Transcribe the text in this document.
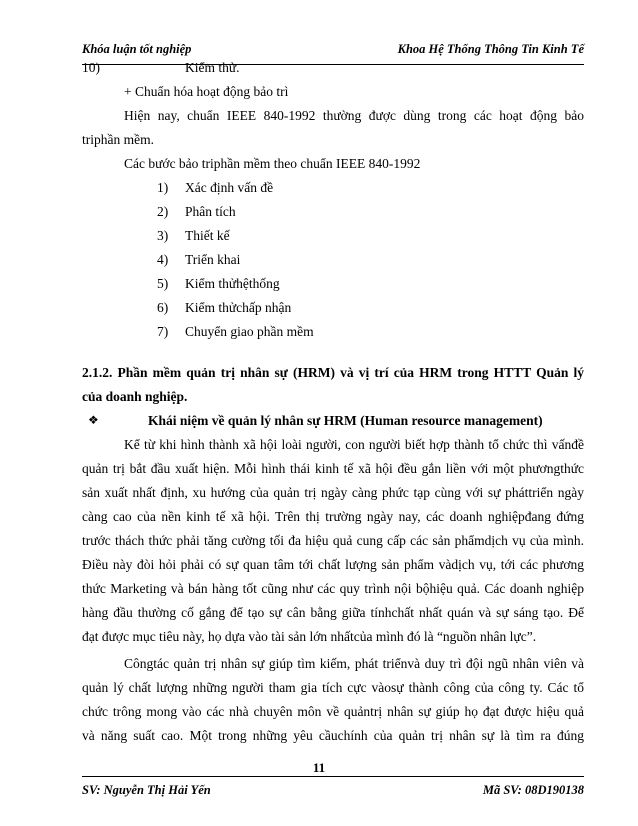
Khóa luận tốt nghiệp	Khoa Hệ Thống Thông Tin Kinh Tế
10)	Kiểm thử.
+ Chuẩn hóa hoạt động bảo trì
Hiện nay, chuẩn IEEE 840-1992 thường được dùng trong các hoạt động bảo
triphần mềm.
Các bước bảo triphần mềm theo chuẩn IEEE 840-1992
1) Xác định vấn đề
2) Phân tích
3) Thiết kế
4) Triển khai
5) Kiểm thửhệthống
6) Kiểm thửchấp nhận
7) Chuyển giao phần mềm
2.1.2. Phần mềm quản trị nhân sự (HRM) và vị trí của HRM trong HTTT Quản lý
của doanh nghiệp.
❖	Khái niệm về quản lý nhân sự HRM (Human resource management)
Kể từ khi hình thành xã hội loài người, con người biết hợp thành tổ chức thì vấnđề
quản trị bắt đầu xuất hiện. Mỗi hình thái kinh tế xã hội đều gắn liền với một phươngthức
sản xuất nhất định, xu hướng của quản trị ngày càng phức tạp cùng với sự pháttriển ngày
càng cao của nền kinh tế xã hội. Trên thị trường ngày nay, các doanh nghiệpđang đứng
trước thách thức phải tăng cường tối đa hiệu quả cung cấp các sản phẩmdịch vụ của mình.
Điều này đòi hỏi phải có sự quan tâm tới chất lượng sản phẩm vàdịch vụ, tới các phương
thức Marketing và bán hàng tốt cũng như các quy trình nội bộhiệu quả. Các doanh nghiệp
hàng đầu thường cố gắng để tạo sự cân bằng giữa tínhchất nhất quán và sự sáng tạo. Để
đạt được mục tiêu này, họ dựa vào tài sản lớn nhấtcủa mình đó là “nguồn nhân lực”.
Côngtác quản trị nhân sự giúp tìm kiếm, phát triểnvà duy trì đội ngũ nhân viên và
quản lý chất lượng những người tham gia tích cực vàosự thành công của công ty. Các tổ
chức trông mong vào các nhà chuyên môn về quảntrị nhân sự giúp họ đạt được hiệu quả
và năng suất cao. Một trong những yêu cầuchính của quản trị nhân sự là tìm ra đúng
11
SV: Nguyễn Thị Hải Yến	Mã SV: 08D190138
